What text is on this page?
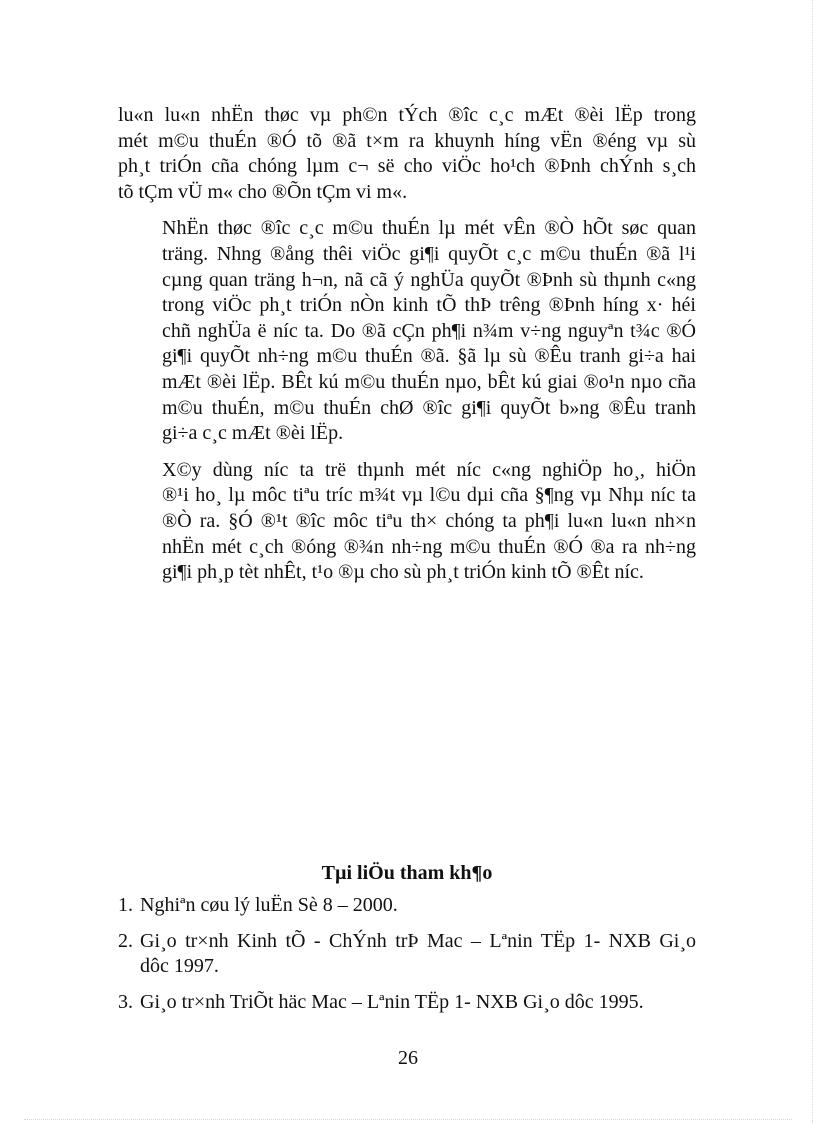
lu«n lu«n nhËn thøc vµ ph©n tÝch ®îc c¸c mÆt ®èi lËp trong
mét m©u thuÉn ®Ó tõ ®ã t×m ra khuynh híng vËn ®éng vµ sù
ph¸t triÓn cña chóng lµm c¬ së cho viÖc ho¹ch ®Þnh chÝnh s¸ch
tõ tÇm vÜ m« cho ®Õn tÇm vi m«.

NhËn thøc ®îc c¸c m©u thuÉn lµ mét vÊn ®Ò hÕt søc quan
träng. Nhng ®ång thêi viÖc gi¶i quyÕt c¸c m©u thuÉn ®ã l¹i
cµng quan träng h¬n, nã cã ý nghÜa quyÕt ®Þnh sù thµnh c«ng
trong viÖc ph¸t triÓn nÒn kinh tÕ thÞ trêng ®Þnh híng x· héi
chñ nghÜa ë níc ta. Do ®ã cÇn ph¶i n¾m v÷ng nguyªn t¾c ®Ó
gi¶i quyÕt nh÷ng m©u thuÉn ®ã. §ã lµ sù ®Êu tranh gi÷a hai
mÆt ®èi lËp. BÊt kú m©u thuÉn nµo, bÊt kú giai ®o¹n nµo cña
m©u thuÉn, m©u thuÉn chØ ®îc gi¶i quyÕt b»ng ®Êu tranh
gi÷a c¸c mÆt ®èi lËp.

X©y dùng níc ta trë thµnh mét níc c«ng nghiÖp ho¸, hiÖn
®¹i ho¸ lµ môc tiªu tríc m¾t vµ l©u dµi cña §¶ng vµ Nhµ níc ta
®Ò ra. §Ó ®¹t ®îc môc tiªu th× chóng ta ph¶i lu«n lu«n nh×n
nhËn mét c¸ch ®óng ®¾n nh÷ng m©u thuÉn ®Ó ®a ra nh÷ng
gi¶i ph¸p tèt nhÊt, t¹o ®µ cho sù ph¸t triÓn kinh tÕ ®Êt níc.

Tµi liÖu tham kh¶o
1. Nghiªn cøu lý luËn Sè 8 – 2000.
2. Gi¸o tr×nh Kinh tÕ - ChÝnh trÞ Mac – Lªnin TËp 1- NXB Gi¸o
dôc 1997.
3. Gi¸o tr×nh TriÕt häc Mac – Lªnin TËp 1- NXB Gi¸o dôc 1995.
26
